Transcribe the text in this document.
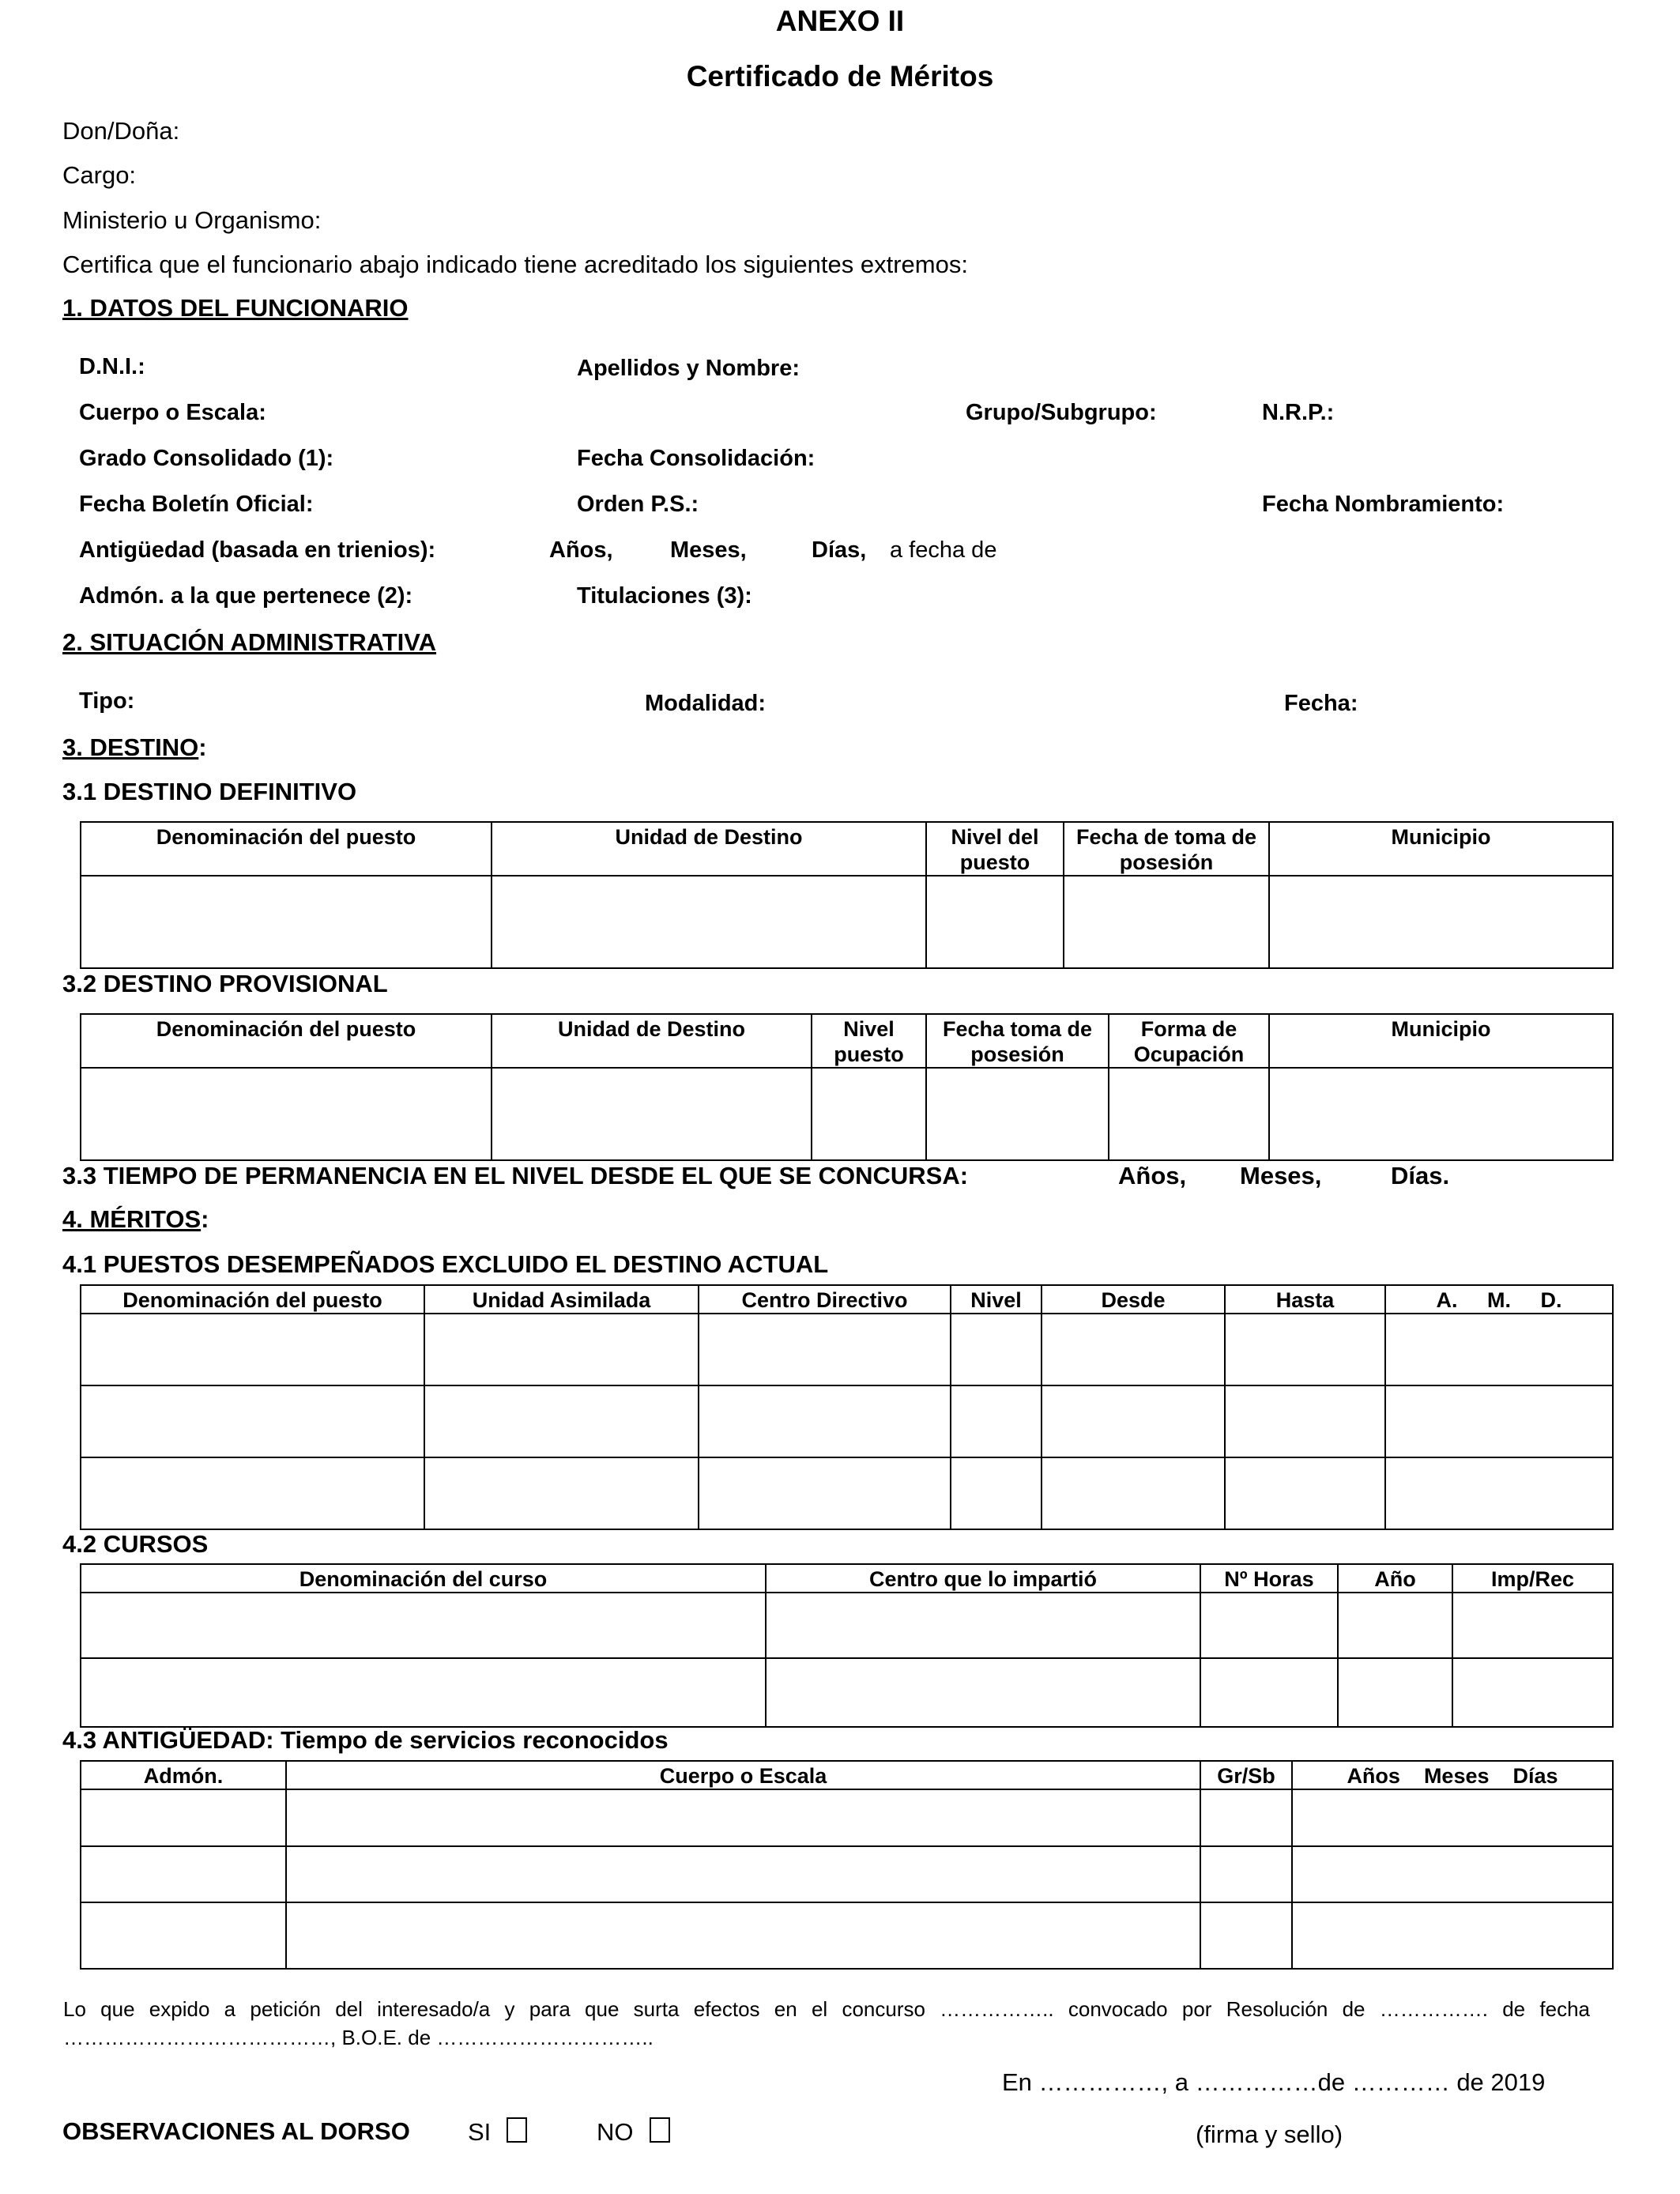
ANEXO II
Certificado de Méritos
Don/Doña:
Cargo:
Ministerio u Organismo:
Certifica que el funcionario abajo indicado tiene acreditado los siguientes extremos:
1. DATOS DEL FUNCIONARIO
D.N.I.:	Apellidos y Nombre:
Cuerpo o Escala:	Grupo/Subgrupo:	N.R.P.:
Grado Consolidado (1):	Fecha Consolidación:
Fecha Boletín Oficial:	Orden P.S.:	Fecha Nombramiento:
Antigüedad (basada en trienios):	Años, Meses,	Días, a fecha de
Admón. a la que pertenece (2):	Titulaciones (3):
2. SITUACIÓN ADMINISTRATIVA
Tipo:	Modalidad:	Fecha:
3. DESTINO:
3.1 DESTINO DEFINITIVO
Denominación del puesto	Unidad de Destino	Nivel del puesto	Fecha de toma de posesión	Municipio

3.2 DESTINO PROVISIONAL
Denominación del puesto	Unidad de Destino	Nivel puesto	Fecha toma de posesión	Forma de Ocupación	Municipio

3.3 TIEMPO DE PERMANENCIA EN EL NIVEL DESDE EL QUE SE CONCURSA:	Años, Meses,	Días.
4. MÉRITOS:
4.1 PUESTOS DESEMPEÑADOS EXCLUIDO EL DESTINO ACTUAL
Denominación del puesto	Unidad Asimilada	Centro Directivo	Nivel	Desde	Hasta	A.     M.     D.

4.2 CURSOS
Denominación del curso	Centro que lo impartió	Nº Horas	Año	Imp/Rec

4.3 ANTIGÜEDAD: Tiempo de servicios reconocidos
Admón.	Cuerpo o Escala	Gr/Sb	Años    Meses    Días

Lo que expido a petición del interesado/a y para que surta efectos en el concurso …………….. convocado por Resolución de ……………. de fecha …………………………………, B.O.E. de …………………………..
En ……………, a ……………de ………… de 2019
OBSERVACIONES AL DORSO SI	NO	(firma y sello)
